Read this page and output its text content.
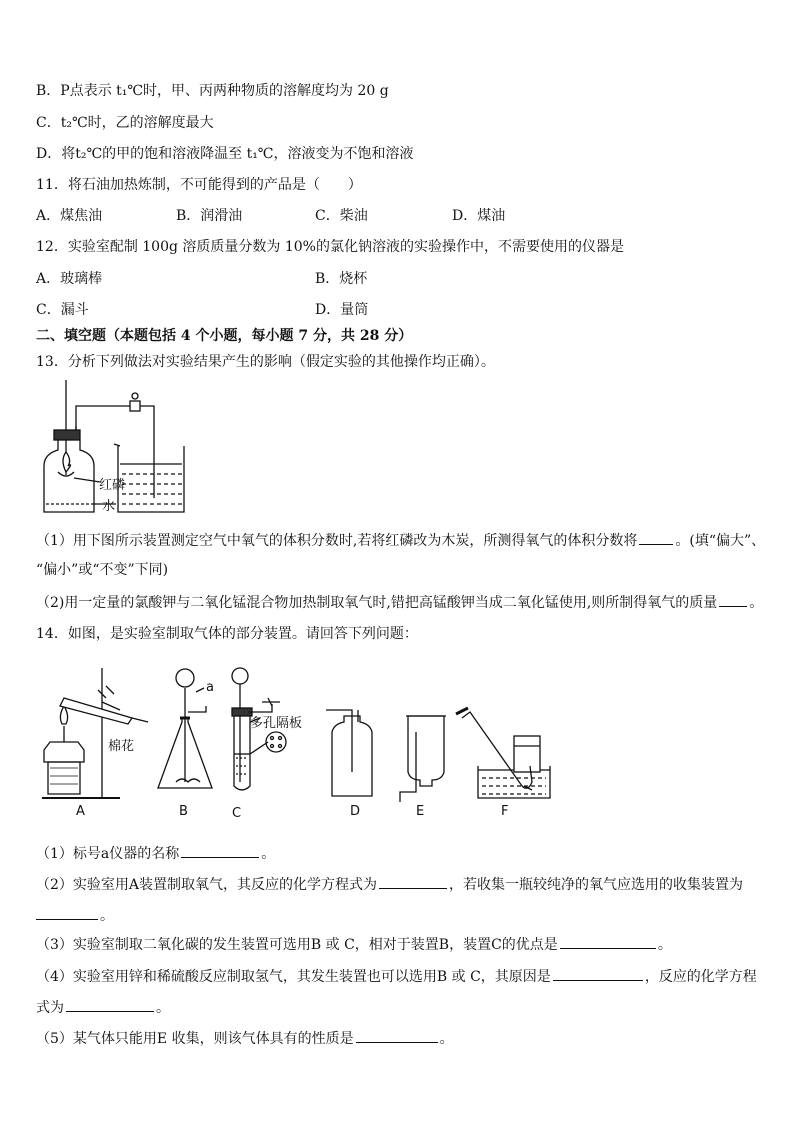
B．P点表示 t₁℃时，甲、丙两种物质的溶解度均为 20 g
C．t₂℃时，乙的溶解度最大
D．将t₂℃的甲的饱和溶液降温至 t₁℃，溶液变为不饱和溶液
11．将石油加热炼制，不可能得到的产品是（　　）
A．煤焦油	B．润滑油	C．柴油	D．煤油
12．实验室配制 100g 溶质质量分数为 10%的氯化钠溶液的实验操作中，不需要使用的仪器是
A．玻璃棒	B．烧杯
C．漏斗	D．量筒
二、填空题（本题包括 4 个小题，每小题 7 分，共 28 分）
13．分析下列做法对实验结果产生的影响（假定实验的其他操作均正确）。
红磷
水
（1）用下图所示装置测定空气中氧气的体积分数时,若将红磷改为木炭，所测得氧气的体积分数将	。(填“偏大”、
“偏小”或“不变”下同)
（2)用一定量的氯酸钾与二氧化锰混合物加热制取氧气时,错把高锰酸钾当成二氧化锰使用,则所制得氧气的质量 。
14．如图，是实验室制取气体的部分装置。请回答下列问题：
棉花
a
多孔隔板
A	B	C	D	E	F
（1）标号a仪器的名称	。
（2）实验室用A装置制取氧气，其反应的化学方程式为	，若收集一瓶较纯净的氧气应选用的收集装置为
。
（3）实验室制取二氧化碳的发生装置可选用B 或 C，相对于装置B，装置C的优点是	。
（4）实验室用锌和稀硫酸反应制取氢气，其发生装置也可以选用B 或 C，其原因是	，反应的化学方程
式为	。
（5）某气体只能用E 收集，则该气体具有的性质是	。
